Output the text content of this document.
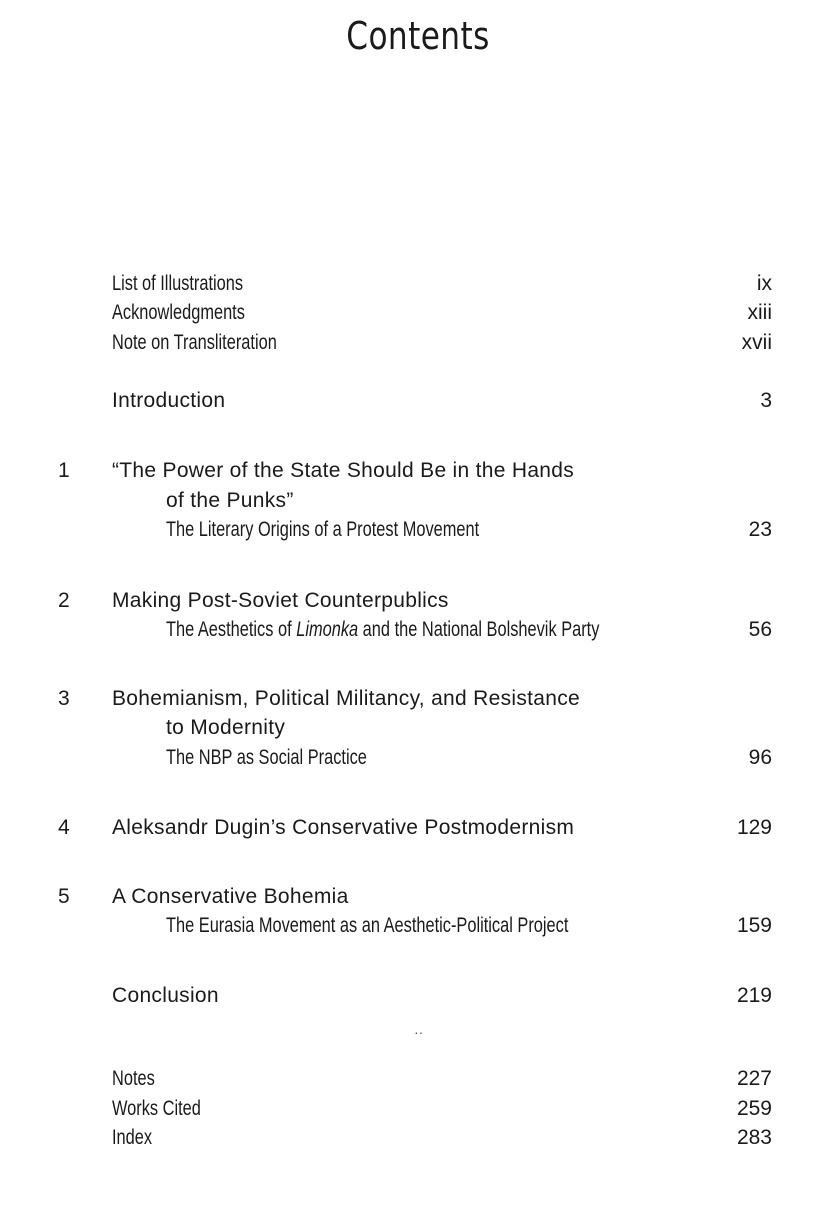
Contents
List of Illustrations	ix
Acknowledgments	xiii
Note on Transliteration	xvii
Introduction	3
1 “The Power of the State Should Be in the Hands
of the Punks”
The Literary Origins of a Protest Movement	23
2 Making Post-Soviet Counterpublics
The Aesthetics of Limonka and the National Bolshevik Party	56
3 Bohemianism, Political Militancy, and Resistance
to Modernity
The NBP as Social Practice	96
4 Aleksandr Dugin’s Conservative Postmodernism	129
5 A Conservative Bohemia
The Eurasia Movement as an Aesthetic-Political Project	159
Conclusion	219
··
Notes	227
Works Cited	259
Index	283
